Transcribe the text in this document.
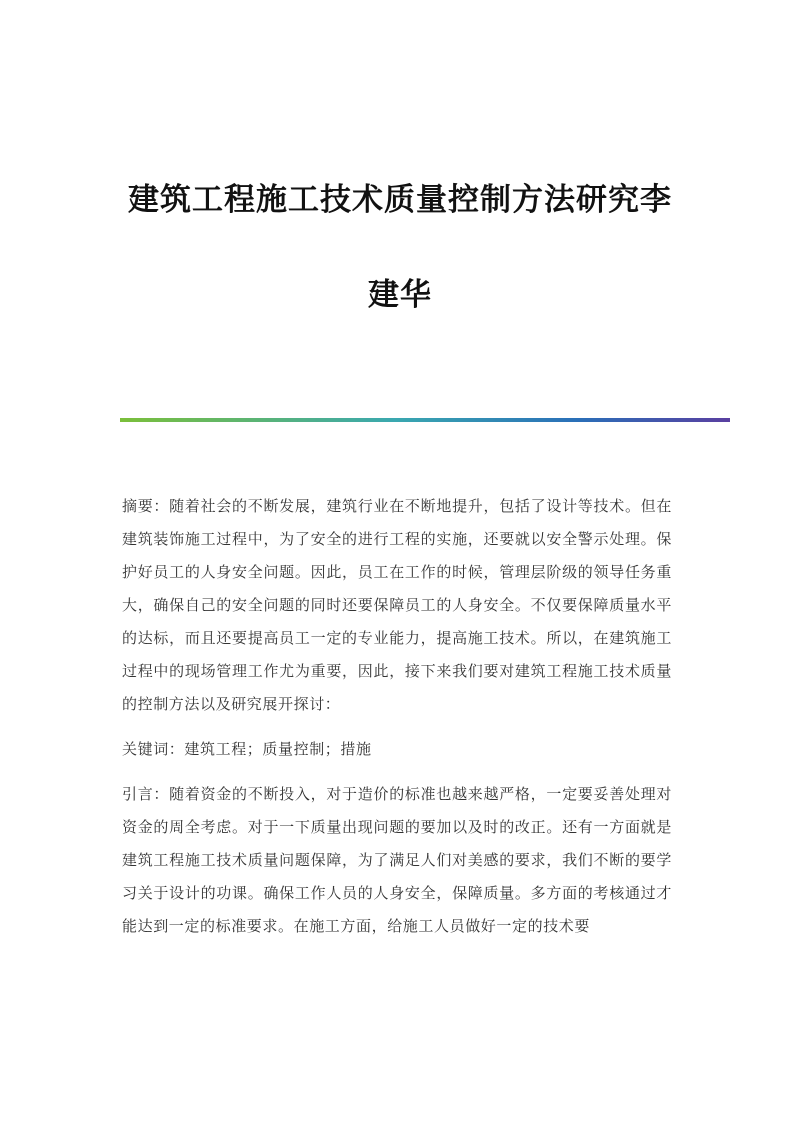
建筑工程施工技术质量控制方法研究李
建华

摘要：随着社会的不断发展，建筑行业在不断地提升，包括了设计等技术。但在建筑装饰施工过程中，为了安全的进行工程的实施，还要就以安全警示处理。保护好员工的人身安全问题。因此，员工在工作的时候，管理层阶级的领导任务重大，确保自己的安全问题的同时还要保障员工的人身安全。不仅要保障质量水平的达标，而且还要提高员工一定的专业能力，提高施工技术。所以，在建筑施工过程中的现场管理工作尤为重要，因此，接下来我们要对建筑工程施工技术质量的控制方法以及研究展开探讨：

关键词：建筑工程；质量控制；措施

引言：随着资金的不断投入，对于造价的标准也越来越严格，一定要妥善处理对资金的周全考虑。对于一下质量出现问题的要加以及时的改正。还有一方面就是建筑工程施工技术质量问题保障，为了满足人们对美感的要求，我们不断的要学习关于设计的功课。确保工作人员的人身安全，保障质量。多方面的考核通过才能达到一定的标准要求。在施工方面，给施工人员做好一定的技术要
